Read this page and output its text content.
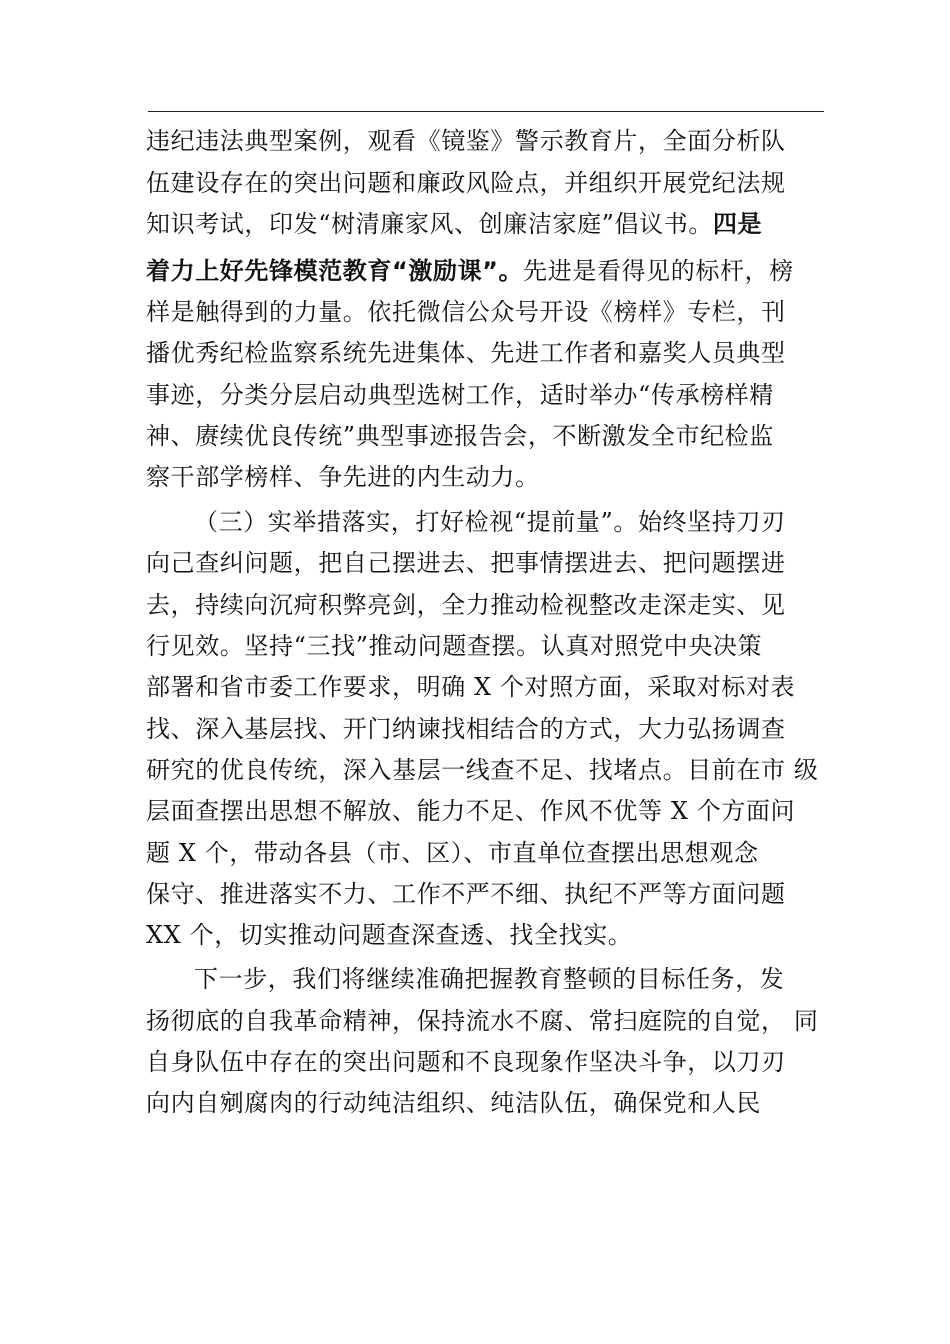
违纪违法典型案例，观看《镜鉴》警示教育片，全面分析队
伍建设存在的突出问题和廉政风险点，并组织开展党纪法规
知识考试，印发“树清廉家风、创廉洁家庭”倡议书。四是
着力上好先锋模范教育“激励课”。先进是看得见的标杆，榜
样是触得到的力量。依托微信公众号开设《榜样》专栏，刊
播优秀纪检监察系统先进集体、先进工作者和嘉奖人员典型
事迹，分类分层启动典型选树工作，适时举办“传承榜样精
神、赓续优良传统”典型事迹报告会，不断激发全市纪检监
察干部学榜样、争先进的内生动力。
（三）实举措落实，打好检视“提前量”。始终坚持刀刃
向己查纠问题，把自己摆进去、把事情摆进去、把问题摆进
去，持续向沉疴积弊亮剑，全力推动检视整改走深走实、见
行见效。坚持“三找”推动问题查摆。认真对照党中央决策
部署和省市委工作要求，明确 X 个对照方面，采取对标对表
找、深入基层找、开门纳谏找相结合的方式，大力弘扬调查
研究的优良传统，深入基层一线查不足、找堵点。目前在市 级
层面查摆出思想不解放、能力不足、作风不优等 X 个方面问
题 X 个，带动各县（市、区）、市直单位查摆出思想观念
保守、推进落实不力、工作不严不细、执纪不严等方面问题
XX 个，切实推动问题查深查透、找全找实。
下一步，我们将继续准确把握教育整顿的目标任务，发
扬彻底的自我革命精神，保持流水不腐、常扫庭院的自觉， 同
自身队伍中存在的突出问题和不良现象作坚决斗争，以刀刃
向内自剜腐肉的行动纯洁组织、纯洁队伍，确保党和人民
